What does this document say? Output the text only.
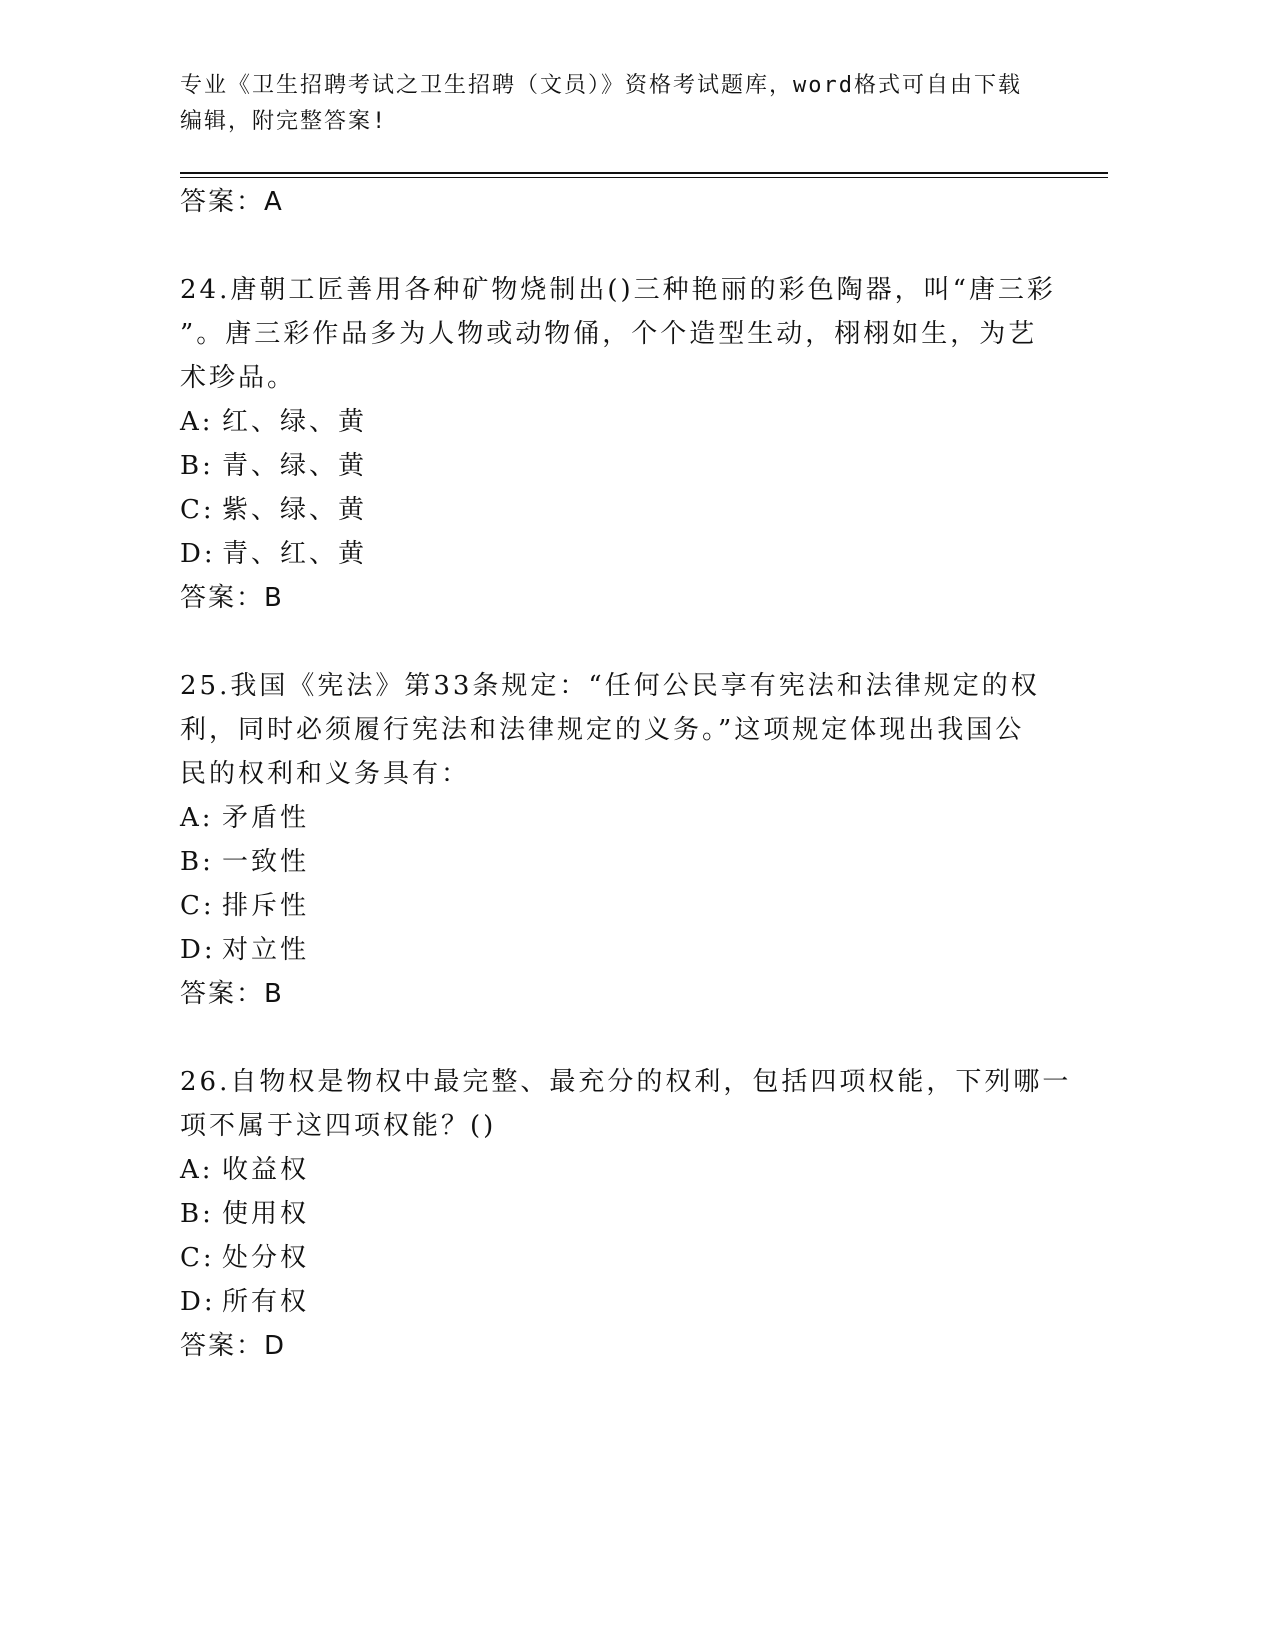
专业《卫生招聘考试之卫生招聘（文员）》资格考试题库，word格式可自由下载
编辑，附完整答案!
答案：A
24.唐朝工匠善用各种矿物烧制出()三种艳丽的彩色陶器，叫“唐三彩
”。唐三彩作品多为人物或动物俑，个个造型生动，栩栩如生，为艺
术珍品。
A: 红、绿、黄
B: 青、绿、黄
C: 紫、绿、黄
D: 青、红、黄
答案：B
25.我国《宪法》第33条规定：“任何公民享有宪法和法律规定的权
利，同时必须履行宪法和法律规定的义务。”这项规定体现出我国公
民的权利和义务具有：
A: 矛盾性
B: 一致性
C: 排斥性
D: 对立性
答案：B
26.自物权是物权中最完整、最充分的权利，包括四项权能，下列哪一
项不属于这四项权能？()
A: 收益权
B: 使用权
C: 处分权
D: 所有权
答案：D
